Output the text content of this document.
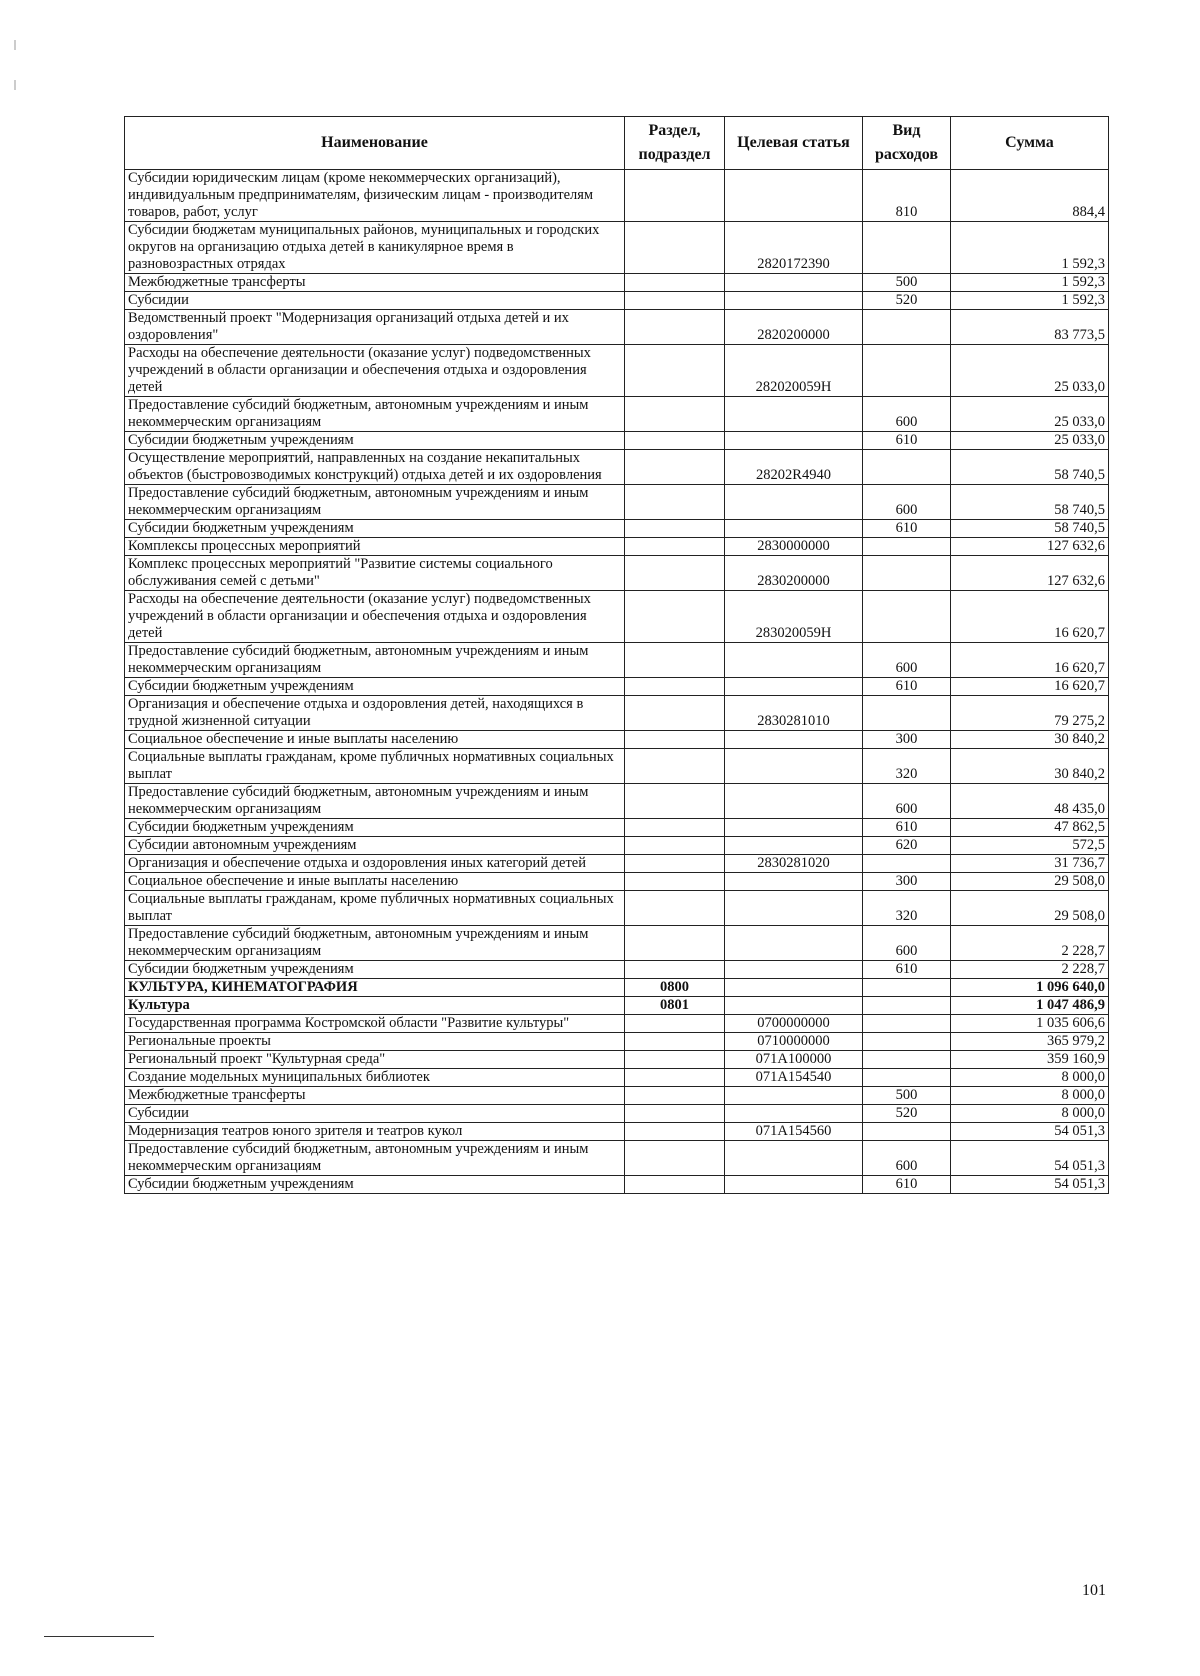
Наименование	Раздел, подраздел	Целевая статья	Вид расходов	Сумма
Субсидии юридическим лицам (кроме некоммерческих организаций), индивидуальным предпринимателям, физическим лицам - производителям товаров, работ, услуг			810	884,4
Субсидии бюджетам муниципальных районов, муниципальных и городских округов на организацию отдыха детей в каникулярное время в разновозрастных отрядах		2820172390		1 592,3
Межбюджетные трансферты			500	1 592,3
Субсидии			520	1 592,3
Ведомственный проект "Модернизация организаций отдыха детей и их оздоровления"		2820200000		83 773,5
Расходы на обеспечение деятельности (оказание услуг) подведомственных учреждений в области организации и обеспечения отдыха и оздоровления детей		282020059Н		25 033,0
Предоставление субсидий бюджетным, автономным учреждениям и иным некоммерческим организациям			600	25 033,0
Субсидии бюджетным учреждениям			610	25 033,0
Осуществление мероприятий, направленных на создание некапитальных объектов (быстровозводимых конструкций) отдыха детей и их оздоровления		28202R4940		58 740,5
Предоставление субсидий бюджетным, автономным учреждениям и иным некоммерческим организациям			600	58 740,5
Субсидии бюджетным учреждениям			610	58 740,5
Комплексы процессных мероприятий		2830000000		127 632,6
Комплекс процессных мероприятий "Развитие системы социального обслуживания семей с детьми"		2830200000		127 632,6
Расходы на обеспечение деятельности (оказание услуг) подведомственных учреждений в области организации и обеспечения отдыха и оздоровления детей		283020059Н		16 620,7
Предоставление субсидий бюджетным, автономным учреждениям и иным некоммерческим организациям			600	16 620,7
Субсидии бюджетным учреждениям			610	16 620,7
Организация и обеспечение отдыха и оздоровления детей, находящихся в трудной жизненной ситуации		2830281010		79 275,2
Социальное обеспечение и иные выплаты населению			300	30 840,2
Социальные выплаты гражданам, кроме публичных нормативных социальных выплат			320	30 840,2
Предоставление субсидий бюджетным, автономным учреждениям и иным некоммерческим организациям			600	48 435,0
Субсидии бюджетным учреждениям			610	47 862,5
Субсидии автономным учреждениям			620	572,5
Организация и обеспечение отдыха и оздоровления иных категорий детей		2830281020		31 736,7
Социальное обеспечение и иные выплаты населению			300	29 508,0
Социальные выплаты гражданам, кроме публичных нормативных социальных выплат			320	29 508,0
Предоставление субсидий бюджетным, автономным учреждениям и иным некоммерческим организациям			600	2 228,7
Субсидии бюджетным учреждениям			610	2 228,7
КУЛЬТУРА, КИНЕМАТОГРАФИЯ	0800			1 096 640,0
Культура	0801			1 047 486,9
Государственная программа Костромской области "Развитие культуры"		0700000000		1 035 606,6
Региональные проекты		0710000000		365 979,2
Региональный проект "Культурная среда"		071А100000		359 160,9
Создание модельных муниципальных библиотек		071А154540		8 000,0
Межбюджетные трансферты			500	8 000,0
Субсидии			520	8 000,0
Модернизация театров юного зрителя и театров кукол		071А154560		54 051,3
Предоставление субсидий бюджетным, автономным учреждениям и иным некоммерческим организациям			600	54 051,3
Субсидии бюджетным учреждениям			610	54 051,3
101
